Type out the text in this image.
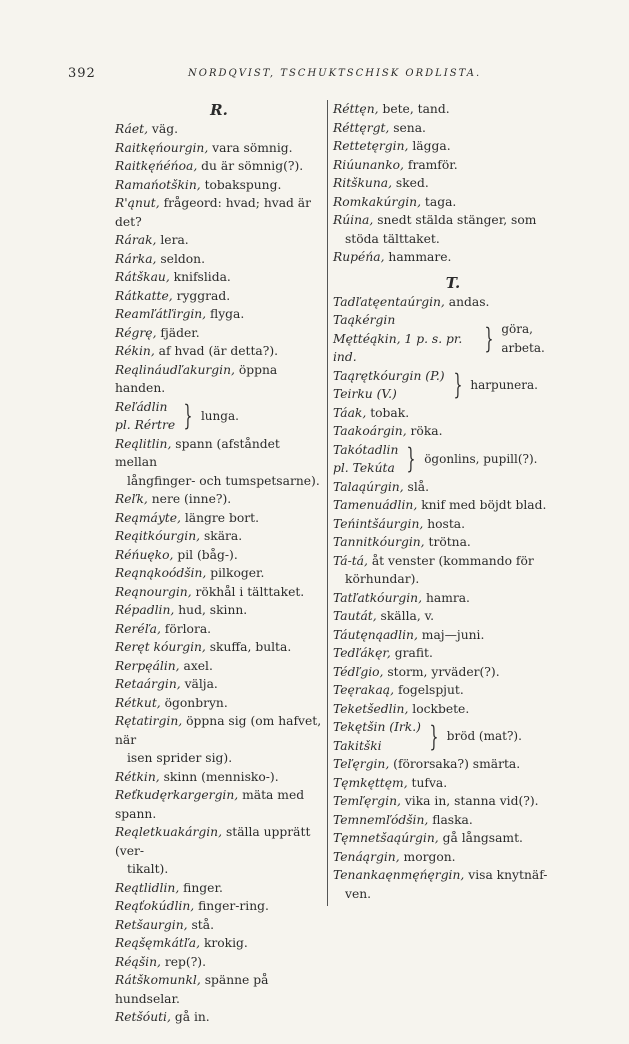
392	NORDQVIST, TSCHUKTSCHISK ORDLISTA.
R.
Ráet, väg.
Raitkęńourgin, vara sömnig.
Raitkęńéńoa, du är sömnig(?).
Ramańotškin, tobakspung.
R'ąnut, frågeord: hvad; hvad är det?
Rárak, lera.
Rárka, seldon.
Rátškau, knifslida.
Rátkatte, ryggrad.
Reamľátľirgin, flyga.
Régrę, fjäder.
Rékin, af hvad (är detta?).
Reąlináudľakurgin, öppna handen.
Reľádlin
pl. Rértre } lunga.
Reąlitlin, spann (afståndet mellan
långfinger- och tumspetsarne).
Reľk, nere (inne?).
Reąmáyte, längre bort.
Reąitkóurgin, skära.
Réńuęko, pil (båg-).
Reąnąkoódšin, pilkoger.
Reąnourgin, rökhål i tälttaket.
Répadlin, hud, skinn.
Reréľa, förlora.
Reręt kóurgin, skuffa, bulta.
Rerpęálin, axel.
Retaárgin, välja.
Rétkut, ögonbryn.
Rętatirgin, öppna sig (om hafvet, när
isen sprider sig).
Rétkin, skinn (mennisko-).
Reťkudęrkargergin, mäta med spann.
Reąletkuakárgin, ställa upprätt (ver-
tikalt).
Reątlidlin, finger.
Reąťokúdlin, finger-ring.
Retšaurgin, stå.
Reąšęmkátľa, krokig.
Réąšin, rep(?).
Rátškomunkl, spänne på hundselar.
Retšóuti, gå in.
Réttęn, bete, tand.
Réttęrgt, sena.
Rettetęrgin, lägga.
Riúunanko, framför.
Ritškuna, sked.
Romkakúrgin, taga.
Rúina, snedt stälda stänger, som
stöda tälttaket.
Rupéńa, hammare.
T.
Tadľatęentaúrgin, andas.
Taąkérgin
Męttéąkin, 1 p. s. pr. ind.
} göra, arbeta.
Taąrętkóurgin (P.)
Teirku (V.)	} harpunera.
Táak, tobak.
Taakoárgin, röka.
Takótadlin
pl. Tekúta } ögonlins, pupill(?).
Talaąúrgin, slå.
Tamenuádlin, knif med böjdt blad.
Teńintšáurgin, hosta.
Tannitkóurgin, trötna.
Tá-tá, åt venster (kommando för
körhundar).
Tatľatkóurgin, hamra.
Tautát, skälla, v.
Táutęnąadlin, maj—juni.
Tedľákęr, grafit.
Tédľgio, storm, yrväder(?).
Teęrakaą, fogelspjut.
Teketšedlin, lockbete.
Tekętšin (Irk.)
Takitški	} bröd (mat?).
Teľęrgin, (förorsaka?) smärta.
Tęmkęttęm, tufva.
Temľęrgin, vika in, stanna vid(?).
Temnemľódšin, flaska.
Tęmnetšaąúrgin, gå långsamt.
Tenáąrgin, morgon.
Tenankaęnmęńęrgin, visa knytnäf-
ven.
